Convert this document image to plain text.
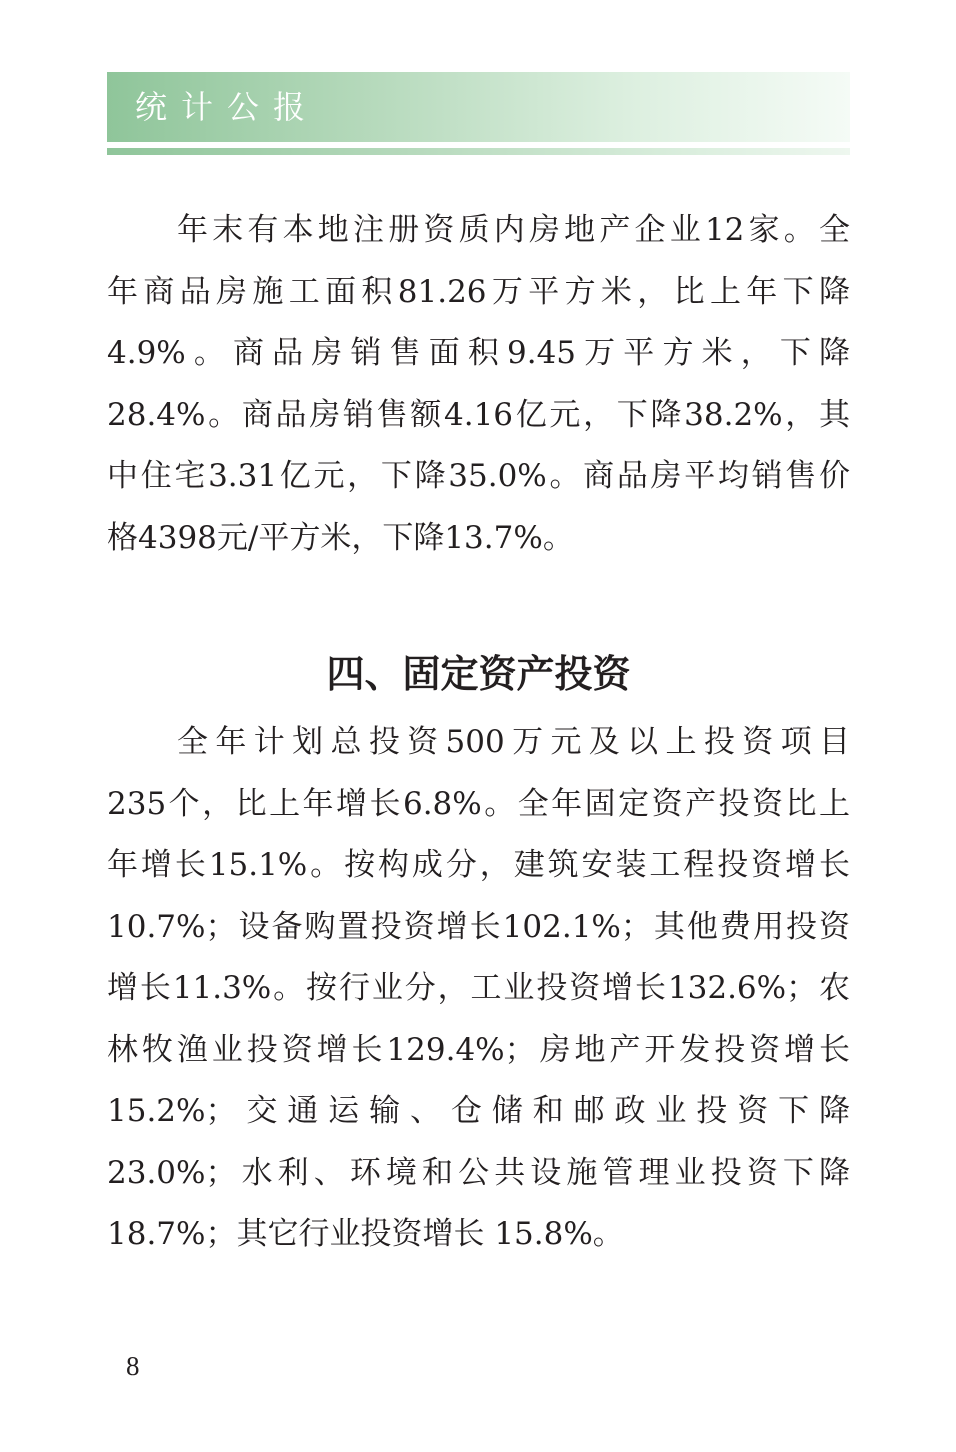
统计公报
年末有本地注册资质内房地产企业12家。全
年商品房施工面积81.26万平方米，比上年下降
4.9%。商品房销售面积9.45万平方米，下降
28.4%。商品房销售额4.16亿元，下降38.2%，其
中住宅3.31亿元，下降35.0%。商品房平均销售价
格4398元/平方米，下降13.7%。
四、固定资产投资
全年计划总投资500万元及以上投资项目
235个，比上年增长6.8%。全年固定资产投资比上
年增长15.1%。按构成分，建筑安装工程投资增长
10.7%；设备购置投资增长102.1%；其他费用投资
增长11.3%。按行业分，工业投资增长132.6%；农
林牧渔业投资增长129.4%；房地产开发投资增长
15.2%；交通运输、仓储和邮政业投资下降
23.0%；水利、环境和公共设施管理业投资下降
18.7%；其它行业投资增长 15.8%。
8
